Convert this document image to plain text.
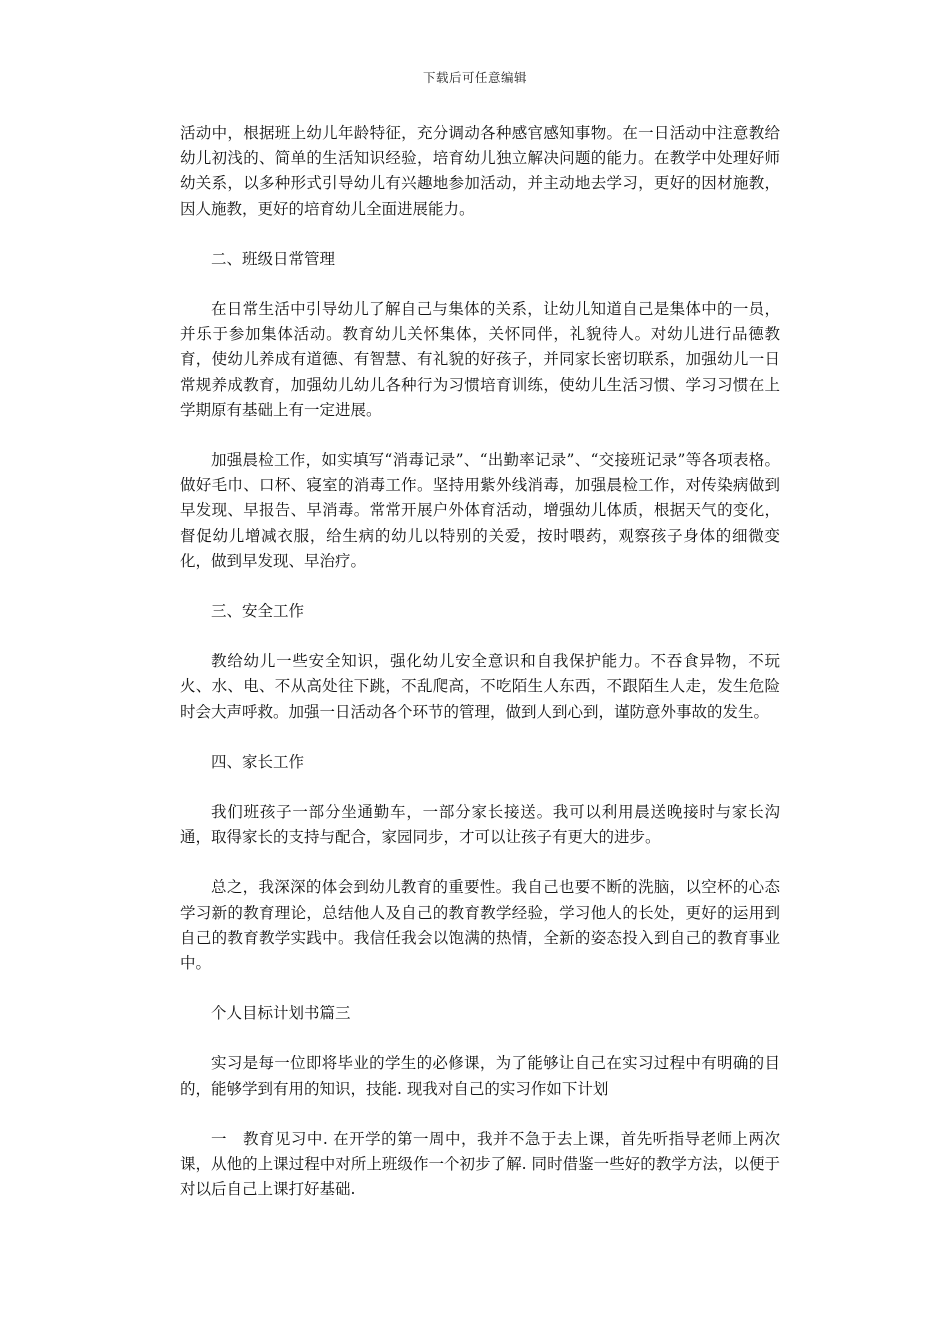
下载后可任意编辑

活动中，根据班上幼儿年龄特征，充分调动各种感官感知事物。在一日活动中注意教给幼儿初浅的、简单的生活知识经验，培育幼儿独立解决问题的能力。在教学中处理好师幼关系，以多种形式引导幼儿有兴趣地参加活动，并主动地去学习，更好的因材施教，因人施教，更好的培育幼儿全面进展能力。

二、班级日常管理

在日常生活中引导幼儿了解自己与集体的关系，让幼儿知道自己是集体中的一员，并乐于参加集体活动。教育幼儿关怀集体，关怀同伴，礼貌待人。对幼儿进行品德教育，使幼儿养成有道德、有智慧、有礼貌的好孩子，并同家长密切联系，加强幼儿一日常规养成教育，加强幼儿幼儿各种行为习惯培育训练，使幼儿生活习惯、学习习惯在上学期原有基础上有一定进展。

加强晨检工作，如实填写“消毒记录”、“出勤率记录”、“交接班记录”等各项表格。做好毛巾、口杯、寝室的消毒工作。坚持用紫外线消毒，加强晨检工作，对传染病做到早发现、早报告、早消毒。常常开展户外体育活动，增强幼儿体质，根据天气的变化，督促幼儿增减衣服，给生病的幼儿以特别的关爱，按时喂药，观察孩子身体的细微变化，做到早发现、早治疗。

三、安全工作

教给幼儿一些安全知识，强化幼儿安全意识和自我保护能力。不吞食异物，不玩火、水、电、不从高处往下跳，不乱爬高，不吃陌生人东西，不跟陌生人走，发生危险时会大声呼救。加强一日活动各个环节的管理，做到人到心到，谨防意外事故的发生。

四、家长工作

我们班孩子一部分坐通勤车，一部分家长接送。我可以利用晨送晚接时与家长沟通，取得家长的支持与配合，家园同步，才可以让孩子有更大的进步。

总之，我深深的体会到幼儿教育的重要性。我自己也要不断的洗脑，以空杯的心态学习新的教育理论，总结他人及自己的教育教学经验，学习他人的长处，更好的运用到自己的教育教学实践中。我信任我会以饱满的热情，全新的姿态投入到自己的教育事业中。

个人目标计划书篇三

实习是每一位即将毕业的学生的必修课，为了能够让自己在实习过程中有明确的目的，能够学到有用的知识，技能. 现我对自己的实习作如下计划

一　教育见习中. 在开学的第一周中，我并不急于去上课，首先听指导老师上两次课，从他的上课过程中对所上班级作一个初步了解. 同时借鉴一些好的教学方法，以便于对以后自己上课打好基础.
